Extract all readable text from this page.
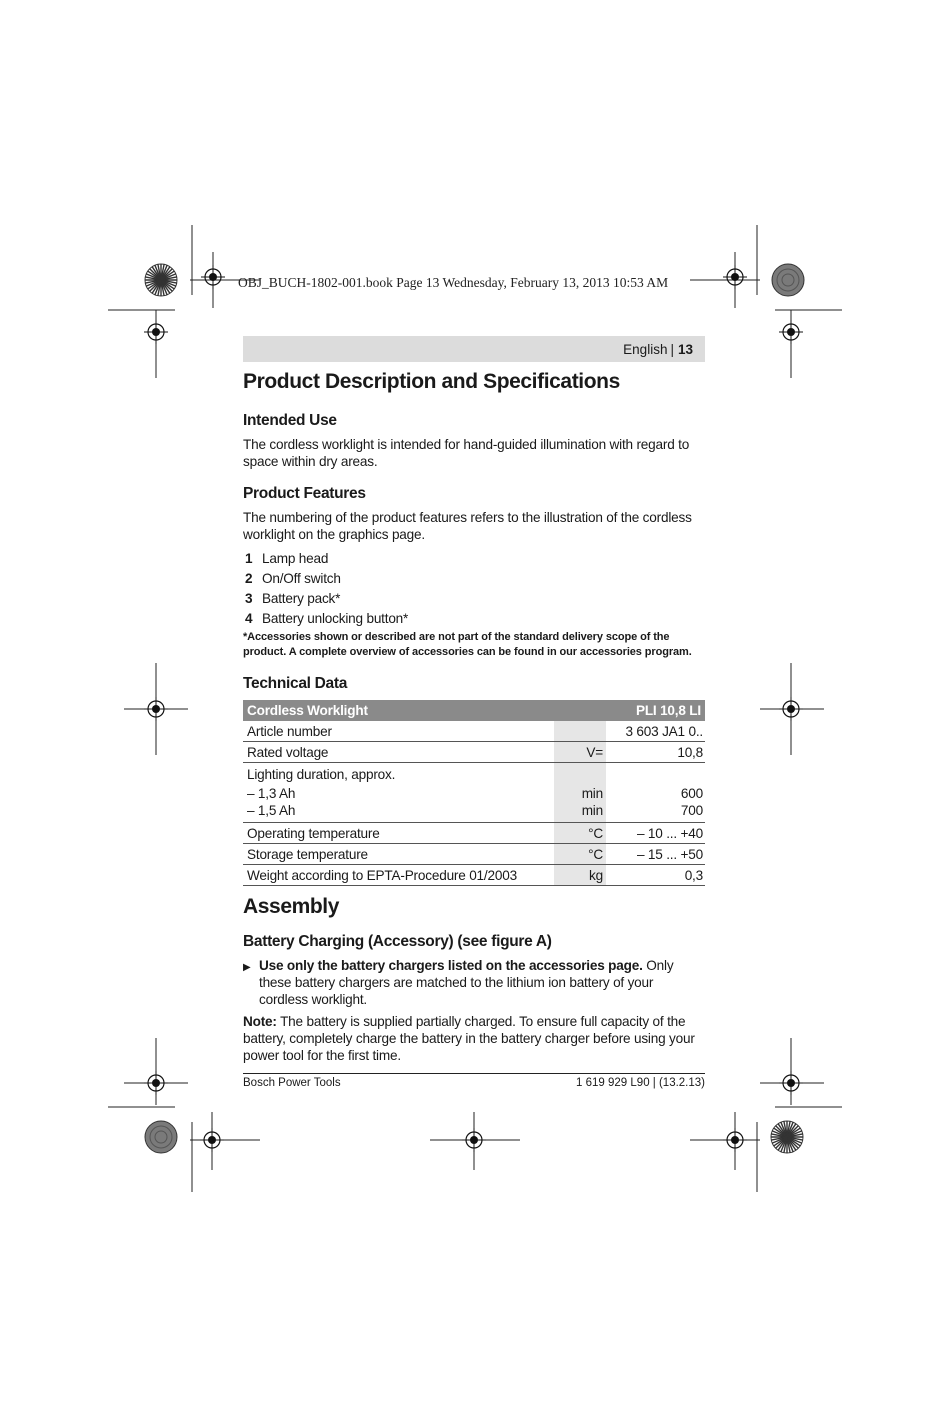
OBJ_BUCH-1802-001.book Page 13 Wednesday, February 13, 2013 10:53 AM
English | 13
Product Description and Specifications
Intended Use

The cordless worklight is intended for hand-guided illumination with regard to space within dry areas.

Product Features

The numbering of the product features refers to the illustration of the cordless worklight on the graphics page.

1 Lamp head
2 On/Off switch
3 Battery pack*
4 Battery unlocking button*

*Accessories shown or described are not part of the standard delivery scope of the product. A complete overview of accessories can be found in our accessories program.

Technical Data
Cordless Worklight		PLI 10,8 LI
Article number		3 603 JA1 0..
Rated voltage	V=	10,8
Lighting duration, approx.		
– 1,3 Ah	min	600
– 1,5 Ah	min	700
Operating temperature	°C	– 10 ... +40
Storage temperature	°C	– 15 ... +50
Weight according to EPTA-Procedure 01/2003	kg	0,3
Assembly
Battery Charging (Accessory) (see figure A)
▶ Use only the battery chargers listed on the accessories page. Only these battery chargers are matched to the lithium ion battery of your cordless worklight.

Note: The battery is supplied partially charged. To ensure full capacity of the battery, completely charge the battery in the battery charger before using your power tool for the first time.

Bosch Power Tools	1 619 929 L90 | (13.2.13)
